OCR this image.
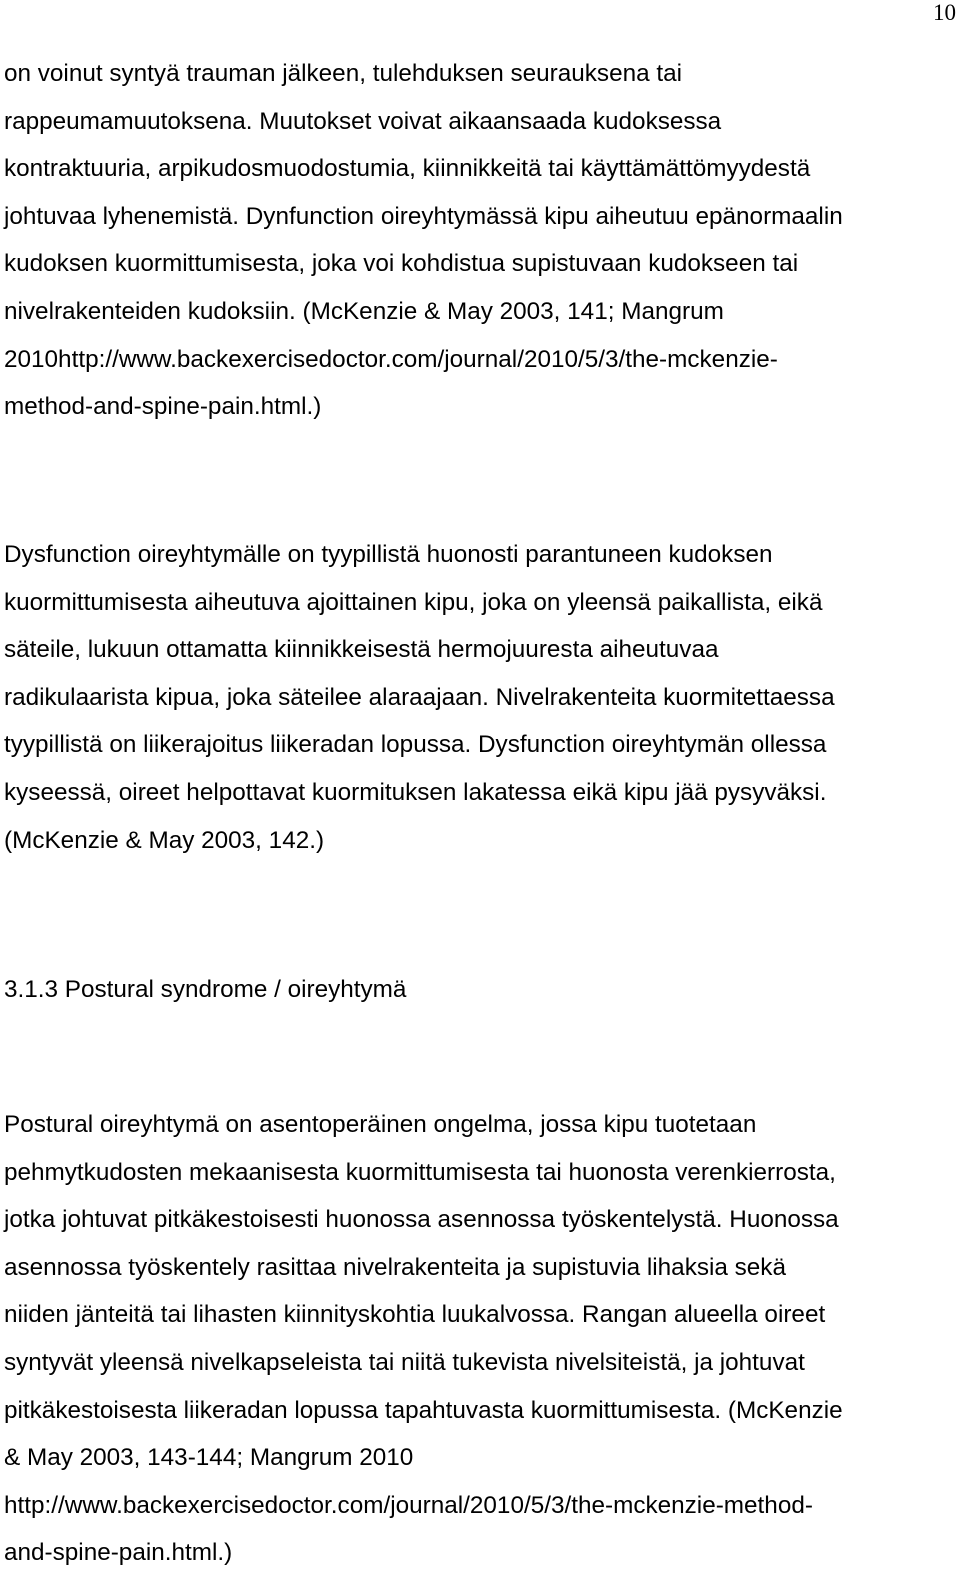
10
on voinut syntyä trauman jälkeen, tulehduksen seurauksena tai
rappeumamuutoksena. Muutokset voivat aikaansaada kudoksessa
kontraktuuria, arpikudosmuodostumia, kiinnikkeitä tai käyttämättömyydestä
johtuvaa lyhenemistä. Dynfunction oireyhtymässä kipu aiheutuu epänormaalin
kudoksen kuormittumisesta, joka voi kohdistua supistuvaan kudokseen tai
nivelrakenteiden kudoksiin. (McKenzie & May 2003, 141; Mangrum
2010http://www.backexercisedoctor.com/journal/2010/5/3/the-mckenzie-
method-and-spine-pain.html.)
Dysfunction oireyhtymälle on tyypillistä huonosti parantuneen kudoksen
kuormittumisesta aiheutuva ajoittainen kipu, joka on yleensä paikallista, eikä
säteile, lukuun ottamatta kiinnikkeisestä hermojuuresta aiheutuvaa
radikulaarista kipua, joka säteilee alaraajaan. Nivelrakenteita kuormitettaessa
tyypillistä on liikerajoitus liikeradan lopussa. Dysfunction oireyhtymän ollessa
kyseessä, oireet helpottavat kuormituksen lakatessa eikä kipu jää pysyväksi.
(McKenzie & May 2003, 142.)
3.1.3 Postural syndrome / oireyhtymä
Postural oireyhtymä on asentoperäinen ongelma, jossa kipu tuotetaan
pehmytkudosten mekaanisesta kuormittumisesta tai huonosta verenkierrosta,
jotka johtuvat pitkäkestoisesti huonossa asennossa työskentelystä. Huonossa
asennossa työskentely rasittaa nivelrakenteita ja supistuvia lihaksia sekä
niiden jänteitä tai lihasten kiinnityskohtia luukalvossa. Rangan alueella oireet
syntyvät yleensä nivelkapseleista tai niitä tukevista nivelsiteistä, ja johtuvat
pitkäkestoisesta liikeradan lopussa tapahtuvasta kuormittumisesta. (McKenzie
& May 2003, 143-144; Mangrum 2010
http://www.backexercisedoctor.com/journal/2010/5/3/the-mckenzie-method-
and-spine-pain.html.)
